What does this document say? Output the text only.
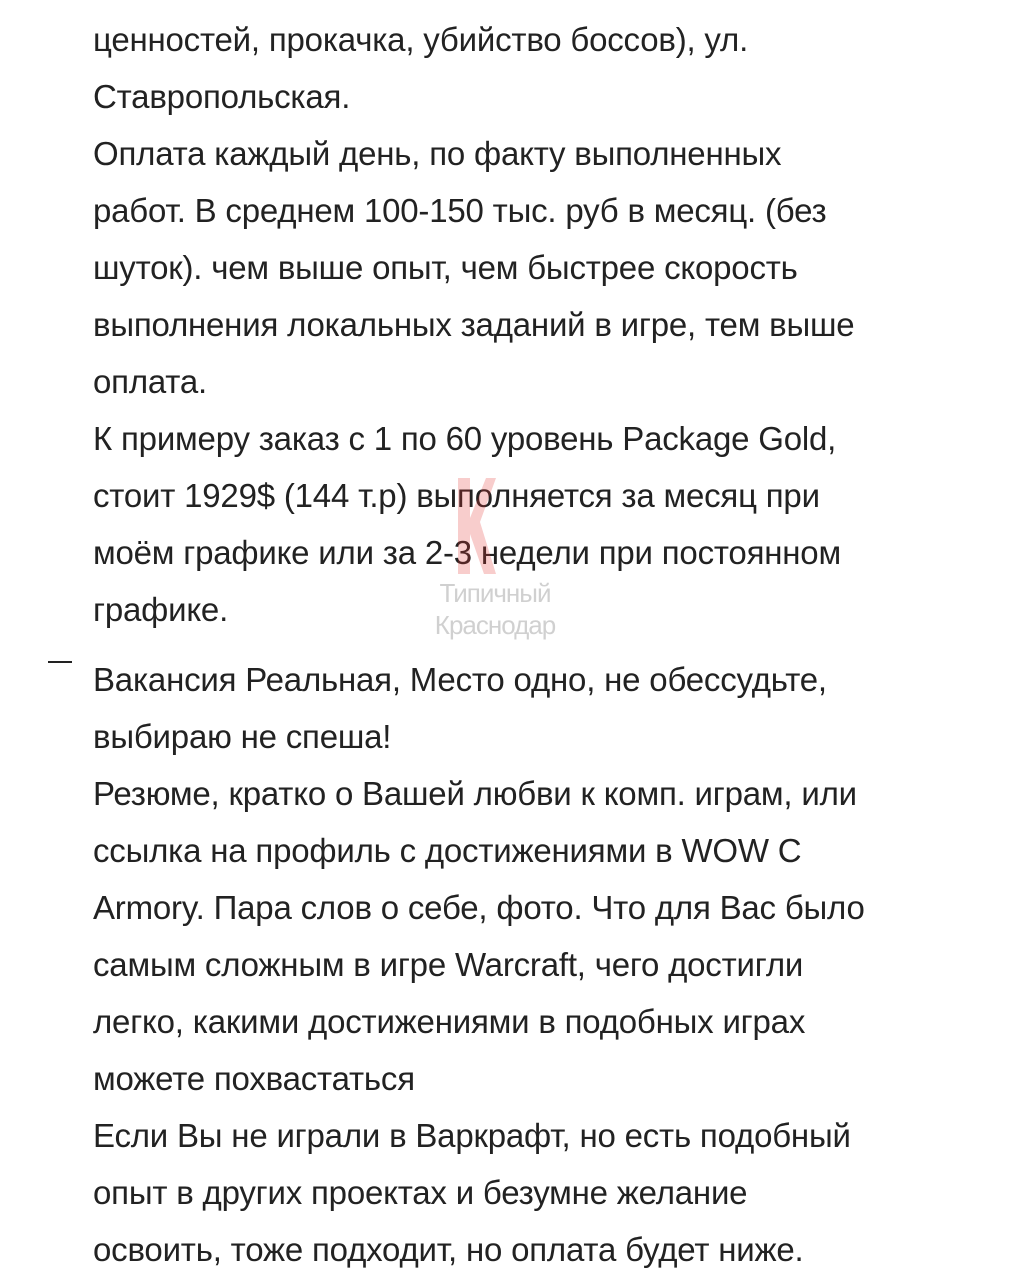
ценностей, прокачка, убийство боссов), ул.
Ставропольская.
Оплата каждый день, по факту выполненных
работ. В среднем 100-150 тыс. руб в месяц. (без
шуток). чем выше опыт, чем быстрее скорость
выполнения локальных заданий в игре, тем выше
оплата.
К примеру заказ с 1 по 60 уровень Package Gold,
стоит 1929$ (144 т.р) выполняется за месяц при
моём графике или за 2-3 недели при постоянном
графике.
Вакансия Реальная, Место одно, не обессудьте,
выбираю не спеша!
Резюме, кратко о Вашей любви к комп. играм, или
ссылка на профиль с достижениями в WOW C
Armory. Пара слов о себе, фото. Что для Вас было
самым сложным в игре Warcraft, чего достигли
легко, какими достижениями в подобных играх
можете похвастаться
Если Вы не играли в Варкрафт, но есть подобный
опыт в других проектах и безумне желание
освоить, тоже подходит, но оплата будет ниже.
Типичный
Краснодар
